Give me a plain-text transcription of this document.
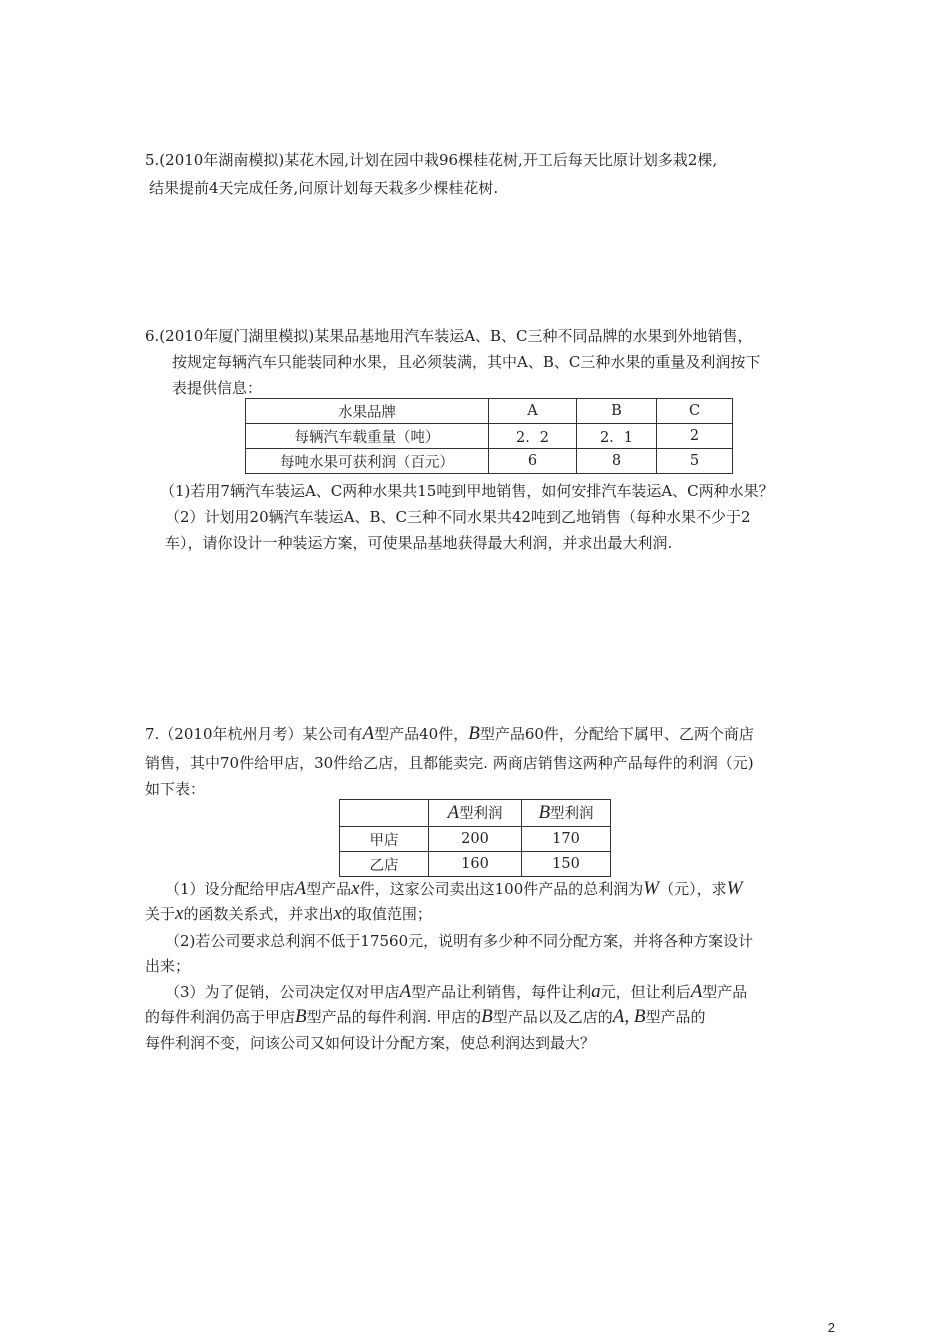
5.(2010年湖南模拟)某花木园,计划在园中栽96棵桂花树,开工后每天比原计划多栽2棵,
结果提前4天完成任务,问原计划每天栽多少棵桂花树.
6.(2010年厦门湖里模拟)某果品基地用汽车装运A、B、C三种不同品牌的水果到外地销售，
按规定每辆汽车只能装同种水果，且必须装满，其中A、B、C三种水果的重量及利润按下
表提供信息：
水果品牌	A	B	C
每辆汽车载重量（吨）	2．2	2．1	2
每吨水果可获利润（百元）	6	8	5
（1)若用7辆汽车装运A、C两种水果共15吨到甲地销售，如何安排汽车装运A、C两种水果？
（2）计划用20辆汽车装运A、B、C三种不同水果共42吨到乙地销售（每种水果不少于2
车），请你设计一种装运方案，可使果品基地获得最大利润，并求出最大利润.
7.（2010年杭州月考）某公司有A型产品40件，B型产品60件，分配给下属甲、乙两个商店
销售，其中70件给甲店，30件给乙店，且都能卖完. 两商店销售这两种产品每件的利润（元)
如下表：
	A型利润	B型利润
甲店	200	170
乙店	160	150
（1）设分配给甲店A型产品x件，这家公司卖出这100件产品的总利润为W（元），求W
关于x的函数关系式，并求出x的取值范围；
（2)若公司要求总利润不低于17560元，说明有多少种不同分配方案，并将各种方案设计
出来；
（3）为了促销，公司决定仅对甲店A型产品让利销售，每件让利a元，但让利后A型产品
的每件利润仍高于甲店B型产品的每件利润. 甲店的B型产品以及乙店的A, B型产品的
每件利润不变，问该公司又如何设计分配方案，使总利润达到最大？
2
